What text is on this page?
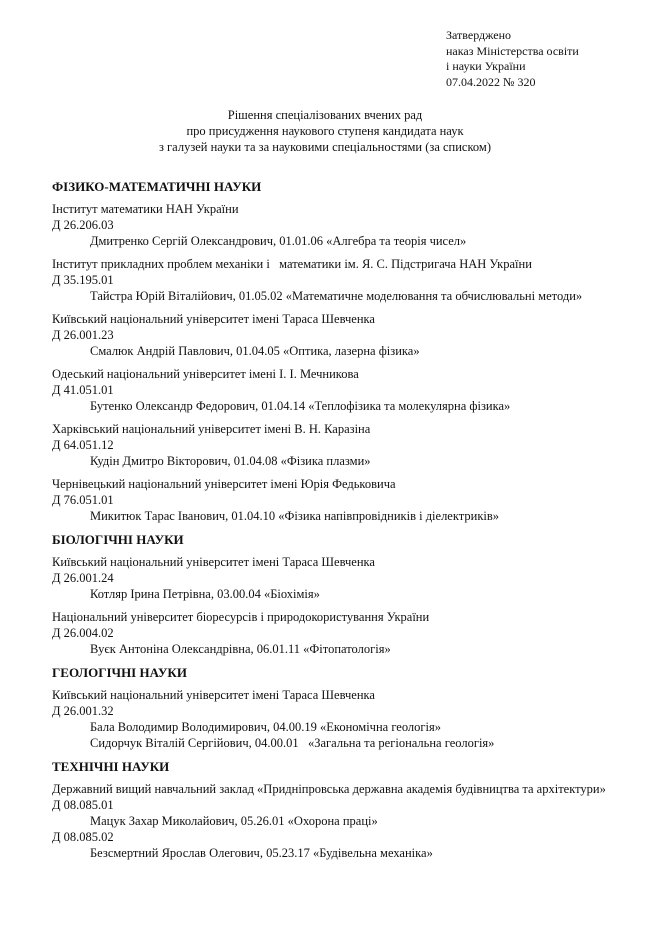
Затверджено
наказ Міністерства освіти
і науки України
07.04.2022 № 320
Рішення спеціалізованих вчених рад
про присудження наукового ступеня кандидата наук
з галузей науки та за науковими спеціальностями (за списком)
ФІЗИКО-МАТЕМАТИЧНІ НАУКИ
Інститут математики НАН України
Д 26.206.03
Дмитренко Сергій Олександрович, 01.01.06 «Алгебра та теорія чисел»
Інститут прикладних проблем механіки і   математики ім. Я. С. Підстригача НАН України
Д 35.195.01
Тайстра Юрій Віталійович, 01.05.02 «Математичне моделювання та обчислювальні методи»
Київський національний університет імені Тараса Шевченка
Д 26.001.23
Смалюк Андрій Павлович, 01.04.05 «Оптика, лазерна фізика»
Одеський національний університет імені І. І. Мечникова
Д 41.051.01
Бутенко Олександр Федорович, 01.04.14 «Теплофізика та молекулярна фізика»
Харківський національний університет імені В. Н. Каразіна
Д 64.051.12
Кудін Дмитро Вікторович, 01.04.08 «Фізика плазми»
Чернівецький національний університет імені Юрія Федьковича
Д 76.051.01
Микитюк Тарас Іванович, 01.04.10 «Фізика напівпровідників і діелектриків»
БІОЛОГІЧНІ НАУКИ
Київський національний університет імені Тараса Шевченка
Д 26.001.24
Котляр Ірина Петрівна, 03.00.04 «Біохімія»
Національний університет біоресурсів і природокористування України
Д 26.004.02
Вуєк Антоніна Олександрівна, 06.01.11 «Фітопатологія»
ГЕОЛОГІЧНІ НАУКИ
Київський національний університет імені Тараса Шевченка
Д 26.001.32
Бала Володимир Володимирович, 04.00.19 «Економічна геологія»
Сидорчук Віталій Сергійович, 04.00.01   «Загальна та регіональна геологія»
ТЕХНІЧНІ НАУКИ
Державний вищий навчальний заклад «Придніпровська державна академія будівництва та архітектури»
Д 08.085.01
Мацук Захар Миколайович, 05.26.01 «Охорона праці»
Д 08.085.02
Безсмертний Ярослав Олегович, 05.23.17 «Будівельна механіка»
